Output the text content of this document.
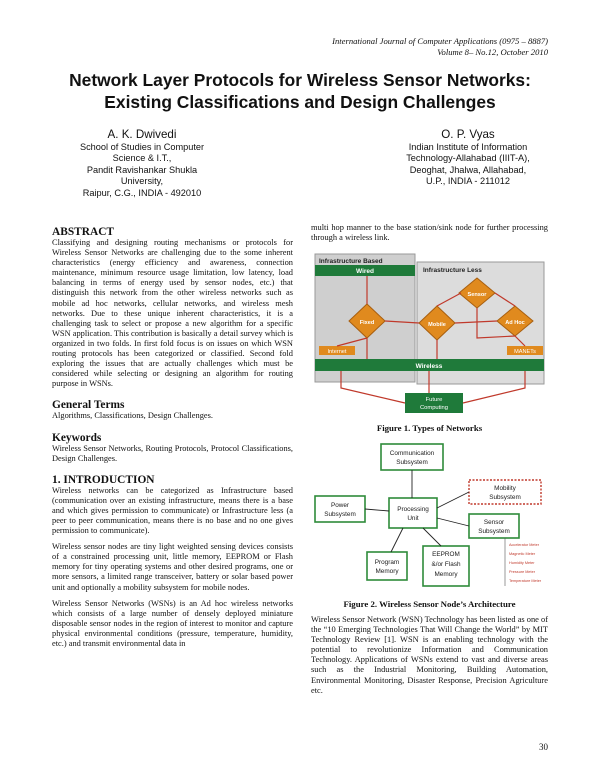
International Journal of Computer Applications (0975 – 8887)
Volume 8– No.12, October 2010
Network Layer Protocols for Wireless Sensor Networks:
Existing Classifications and Design Challenges
A. K. Dwivedi
School of Studies in Computer
Science & I.T.,
Pandit Ravishankar Shukla
University,
Raipur, C.G., INDIA - 492010
O. P. Vyas
Indian Institute of Information
Technology-Allahabad (IIIT-A),
Deoghat, Jhalwa, Allahabad,
U.P., INDIA - 211012
ABSTRACT
Classifying and designing routing mechanisms or protocols for Wireless Sensor Networks are challenging due to the some inherent characteristics (energy efficiency and awareness, connection maintenance, minimum resource usage limitation, low latency, load balancing in terms of energy used by sensor nodes, etc.) that distinguish this network from the other wireless networks such as mobile ad hoc networks, cellular networks, and wireless mesh networks. Due to these unique inherent characteristics, it is a challenging task to select or propose a new algorithm for a specific WSN application. This contribution is basically a detail survey which is organized in two folds. In first fold focus is on issues on which WSN routing protocols has been categorized or classified. Second fold exploring the issues that are actually challenges which must be considered while selecting or designing an algorithm for routing purpose in WSNs.
General Terms
Algorithms, Classifications, Design Challenges.
Keywords
Wireless Sensor Networks, Routing Protocols, Protocol Classifications, Design Challenges.
1. INTRODUCTION
Wireless networks can be categorized as Infrastructure based (communication over an existing infrastructure, means there is a base and which gives permission to communicate) or Infrastructure less (a peer to peer communication, means there is no base and no one gives permission to communicate).
Wireless sensor nodes are tiny light weighted sensing devices consists of a constrained processing unit, little memory, EEPROM or Flash memory for tiny operating systems and other desired programs, one or more sensors, a limited range transceiver, battery or solar based power unit and optionally a mobility subsystem for mobile nodes.
Wireless Sensor Networks (WSNs) is an Ad hoc wireless networks which consists of a large number of densely deployed miniature disposable sensor nodes in the region of interest to monitor and capture physical environmental conditions (pressure, temperature, humidity, etc.) and transmit environmental data in
multi hop manner to the base station/sink node for further processing through a wireless link.
Infrastructure Based
Infrastructure Less
Wired
Fixed	Mobile
Sensor
Ad Hoc
Internet	MANETs
Wireless
Future
Computing
Figure 1. Types of Networks
Communication
Subsystem
Mobility
Subsystem
Power
Subsystem
Processing
Unit
Sensor
Subsystem
Program
Memory
EEPROM
&/or Flash
Memory
Accelerator Meter
Magnetic Meter
Humidity Meter
Pressure Meter
Temperature Meter
Figure 2. Wireless Sensor Node’s Architecture
Wireless Sensor Network (WSN) Technology has been listed as one of the “10 Emerging Technologies That Will Change the World” by MIT Technology Review [1]. WSN is an enabling technology with the potential to revolutionize Information and Communication Technology. Applications of WSNs extend to vast and diverse areas such as the Industrial Monitoring, Building Automation, Environmental Monitoring, Disaster Response, Precision Agriculture etc.
30
